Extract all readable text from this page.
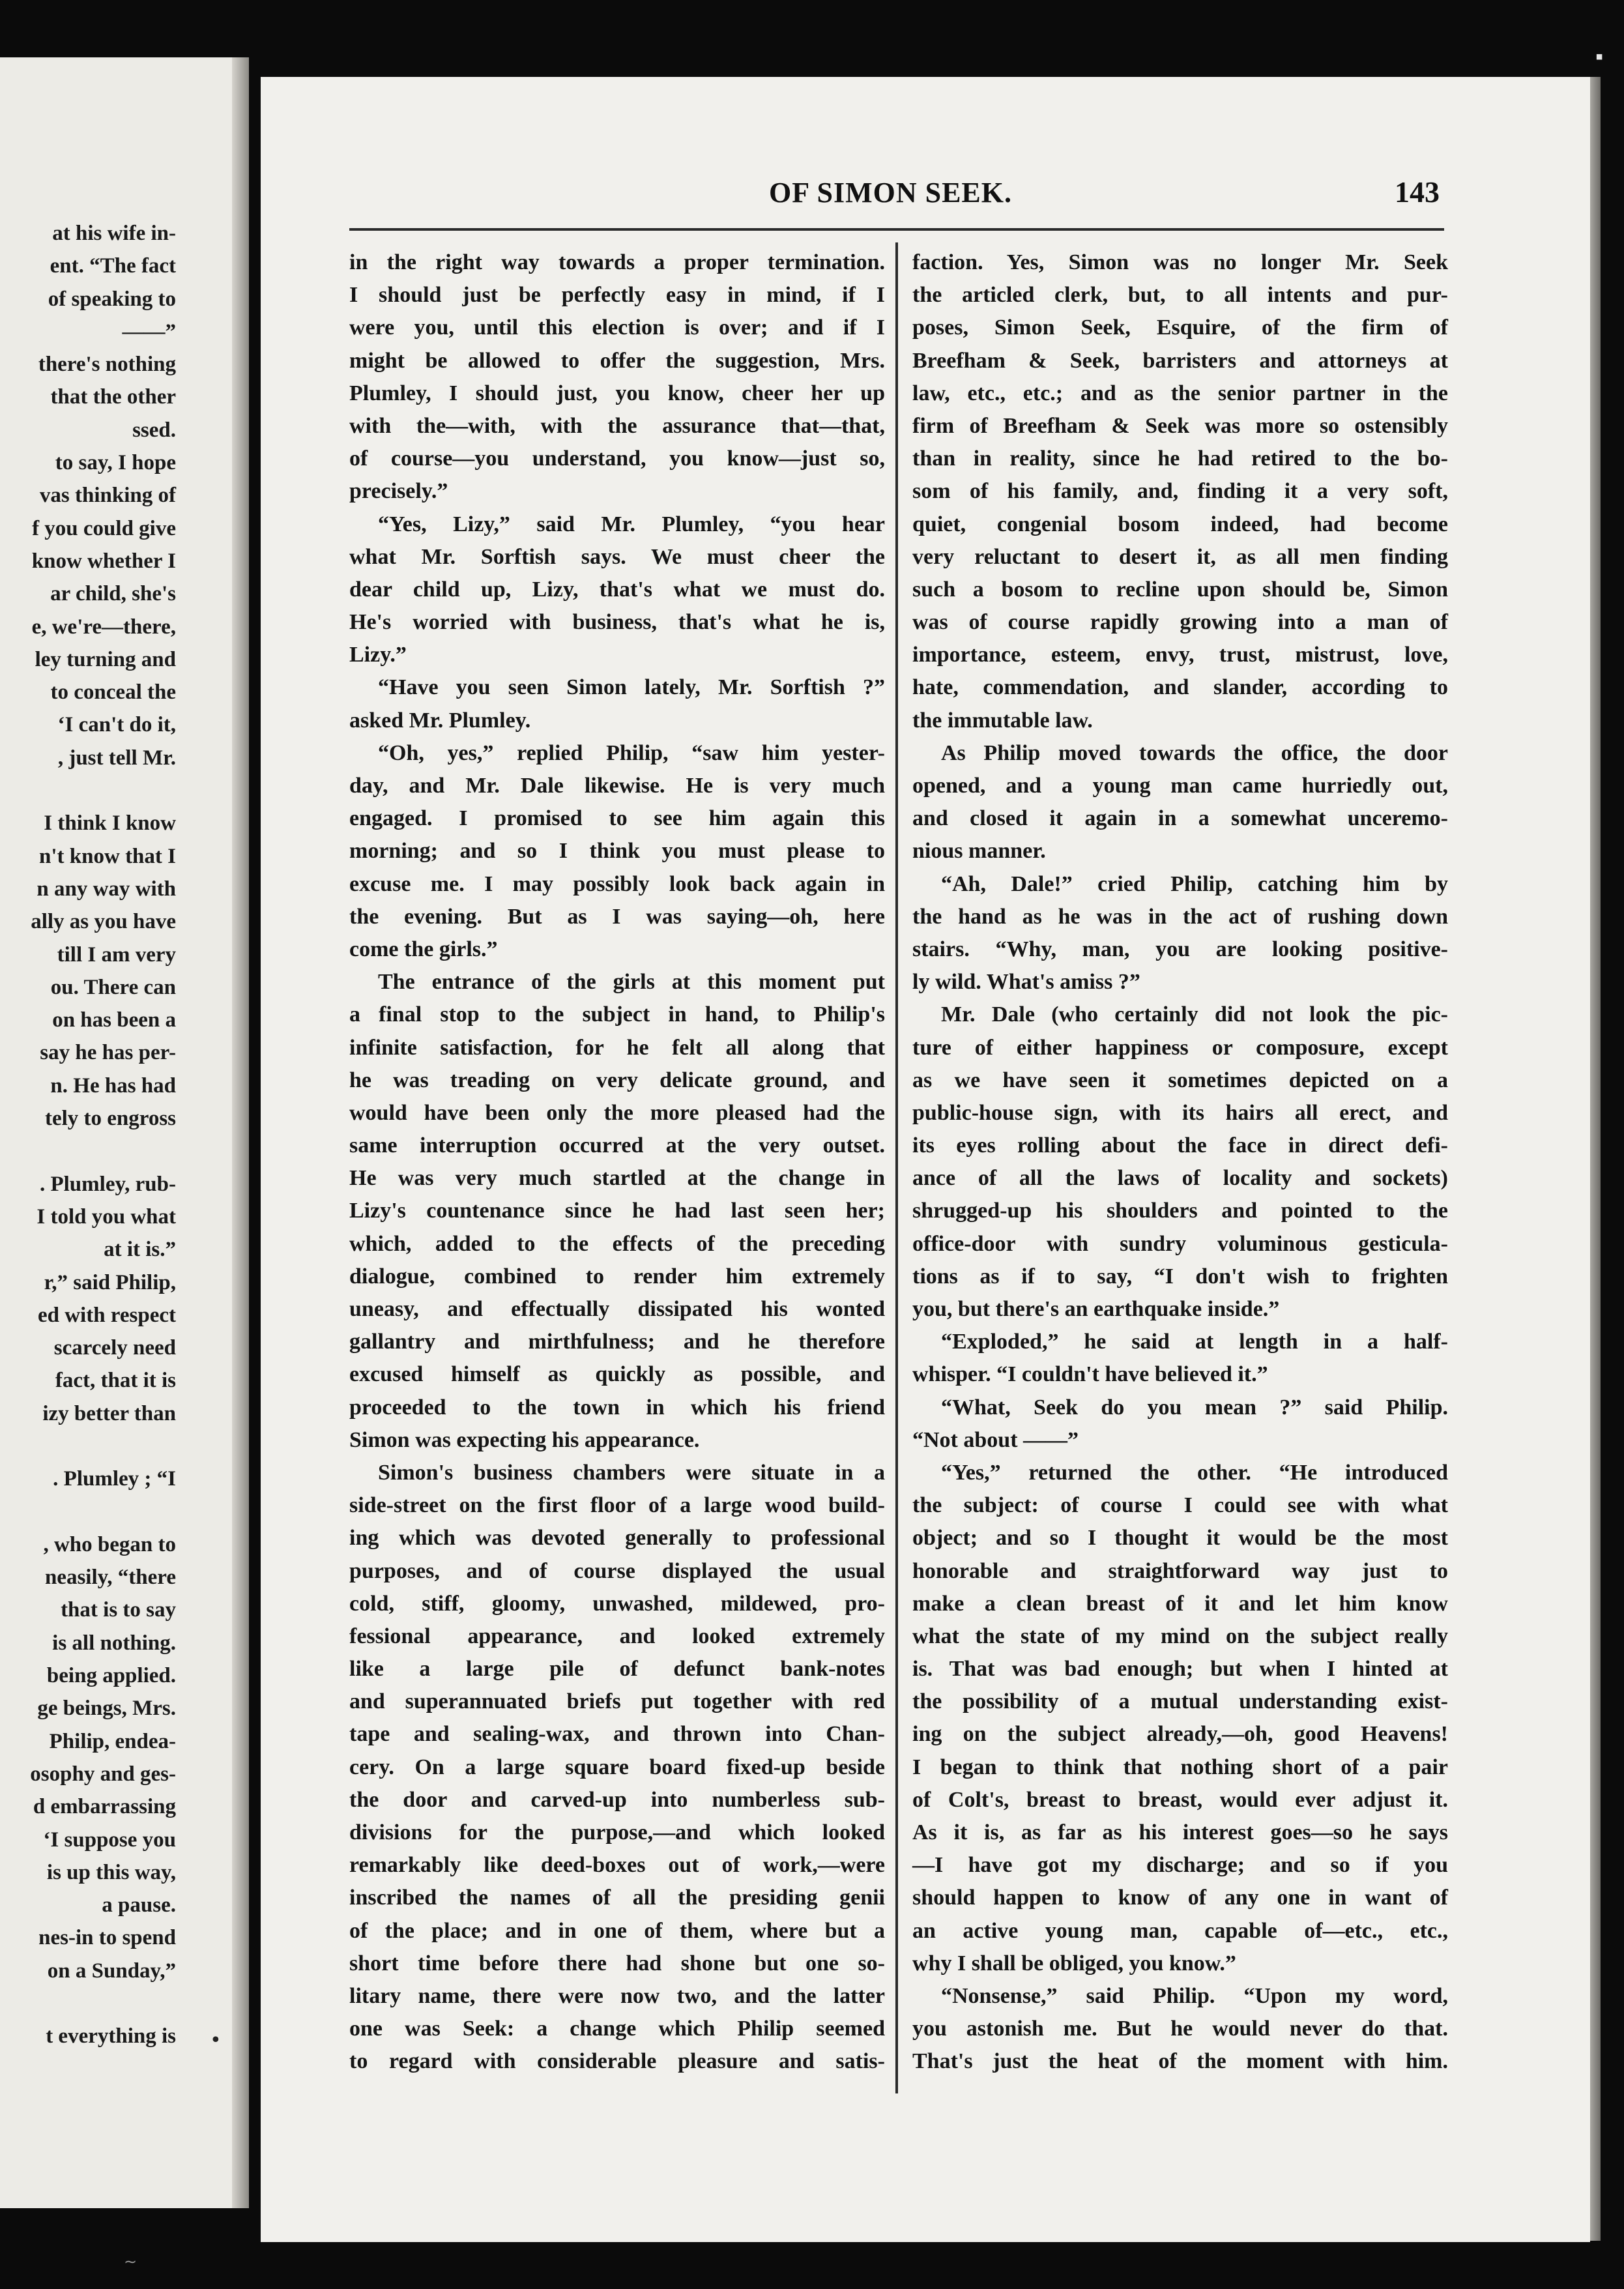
▪
at his wife in-
ent. “The fact
of speaking to
——”
there's nothing
that the other
ssed.
to say, I hope
vas thinking of
f you could give
know whether I
ar child, she's
e, we're—there,
ley turning and
to conceal the
‘I can't do it,
, just tell Mr.
I think I know
n't know that I
n any way with
ally as you have
till I am very
ou. There can
on has been a
say he has per-
n. He has had
tely to engross
. Plumley, rub-
I told you what
at it is.”
r,” said Philip,
ed with respect
scarcely need
fact, that it is
izy better than
. Plumley ; “I
, who began to
neasily, “there
that is to say
is all nothing.
being applied.
ge beings, Mrs.
Philip, endea-
osophy and ges-
d embarrassing
‘I suppose you
is up this way,
a pause.
nes-in to spend
on a Sunday,”
t everything is •
OF SIMON SEEK.	143
in the right way towards a proper termination.
I should just be perfectly easy in mind, if I
were you, until this election is over; and if I
might be allowed to offer the suggestion, Mrs.
Plumley, I should just, you know, cheer her up
with the—with, with the assurance that—that,
of course—you understand, you know—just so,
precisely.”
“Yes, Lizy,” said Mr. Plumley, “you hear
what Mr. Sorftish says. We must cheer the
dear child up, Lizy, that's what we must do.
He's worried with business, that's what he is,
Lizy.”
“Have you seen Simon lately, Mr. Sorftish ?”
asked Mr. Plumley.
“Oh, yes,” replied Philip, “saw him yester-
day, and Mr. Dale likewise. He is very much
engaged. I promised to see him again this
morning; and so I think you must please to
excuse me. I may possibly look back again in
the evening. But as I was saying—oh, here
come the girls.”
The entrance of the girls at this moment put
a final stop to the subject in hand, to Philip's
infinite satisfaction, for he felt all along that
he was treading on very delicate ground, and
would have been only the more pleased had the
same interruption occurred at the very outset.
He was very much startled at the change in
Lizy's countenance since he had last seen her;
which, added to the effects of the preceding
dialogue, combined to render him extremely
uneasy, and effectually dissipated his wonted
gallantry and mirthfulness; and he therefore
excused himself as quickly as possible, and
proceeded to the town in which his friend
Simon was expecting his appearance.
Simon's business chambers were situate in a
side-street on the first floor of a large wood build-
ing which was devoted generally to professional
purposes, and of course displayed the usual
cold, stiff, gloomy, unwashed, mildewed, pro-
fessional appearance, and looked extremely
like a large pile of defunct bank-notes
and superannuated briefs put together with red
tape and sealing-wax, and thrown into Chan-
cery. On a large square board fixed-up beside
the door and carved-up into numberless sub-
divisions for the purpose,—and which looked
remarkably like deed-boxes out of work,—were
inscribed the names of all the presiding genii
of the place; and in one of them, where but a
short time before there had shone but one so-
litary name, there were now two, and the latter
one was Seek: a change which Philip seemed
to regard with considerable pleasure and satis-
faction. Yes, Simon was no longer Mr. Seek
the articled clerk, but, to all intents and pur-
poses, Simon Seek, Esquire, of the firm of
Breefham & Seek, barristers and attorneys at
law, etc., etc.; and as the senior partner in the
firm of Breefham & Seek was more so ostensibly
than in reality, since he had retired to the bo-
som of his family, and, finding it a very soft,
quiet, congenial bosom indeed, had become
very reluctant to desert it, as all men finding
such a bosom to recline upon should be, Simon
was of course rapidly growing into a man of
importance, esteem, envy, trust, mistrust, love,
hate, commendation, and slander, according to
the immutable law.
As Philip moved towards the office, the door
opened, and a young man came hurriedly out,
and closed it again in a somewhat unceremo-
nious manner.
“Ah, Dale!” cried Philip, catching him by
the hand as he was in the act of rushing down
stairs. “Why, man, you are looking positive-
ly wild. What's amiss ?”
Mr. Dale (who certainly did not look the pic-
ture of either happiness or composure, except
as we have seen it sometimes depicted on a
public-house sign, with its hairs all erect, and
its eyes rolling about the face in direct defi-
ance of all the laws of locality and sockets)
shrugged-up his shoulders and pointed to the
office-door with sundry voluminous gesticula-
tions as if to say, “I don't wish to frighten
you, but there's an earthquake inside.”
“Exploded,” he said at length in a half-
whisper. “I couldn't have believed it.”
“What, Seek do you mean ?” said Philip.
“Not about ——”
“Yes,” returned the other. “He introduced
the subject: of course I could see with what
object; and so I thought it would be the most
honorable and straightforward way just to
make a clean breast of it and let him know
what the state of my mind on the subject really
is. That was bad enough; but when I hinted at
the possibility of a mutual understanding exist-
ing on the subject already,—oh, good Heavens!
I began to think that nothing short of a pair
of Colt's, breast to breast, would ever adjust it.
As it is, as far as his interest goes—so he says
—I have got my discharge; and so if you
should happen to know of any one in want of
an active young man, capable of—etc., etc.,
why I shall be obliged, you know.”
“Nonsense,” said Philip. “Upon my word,
you astonish me. But he would never do that.
That's just the heat of the moment with him.
∼
